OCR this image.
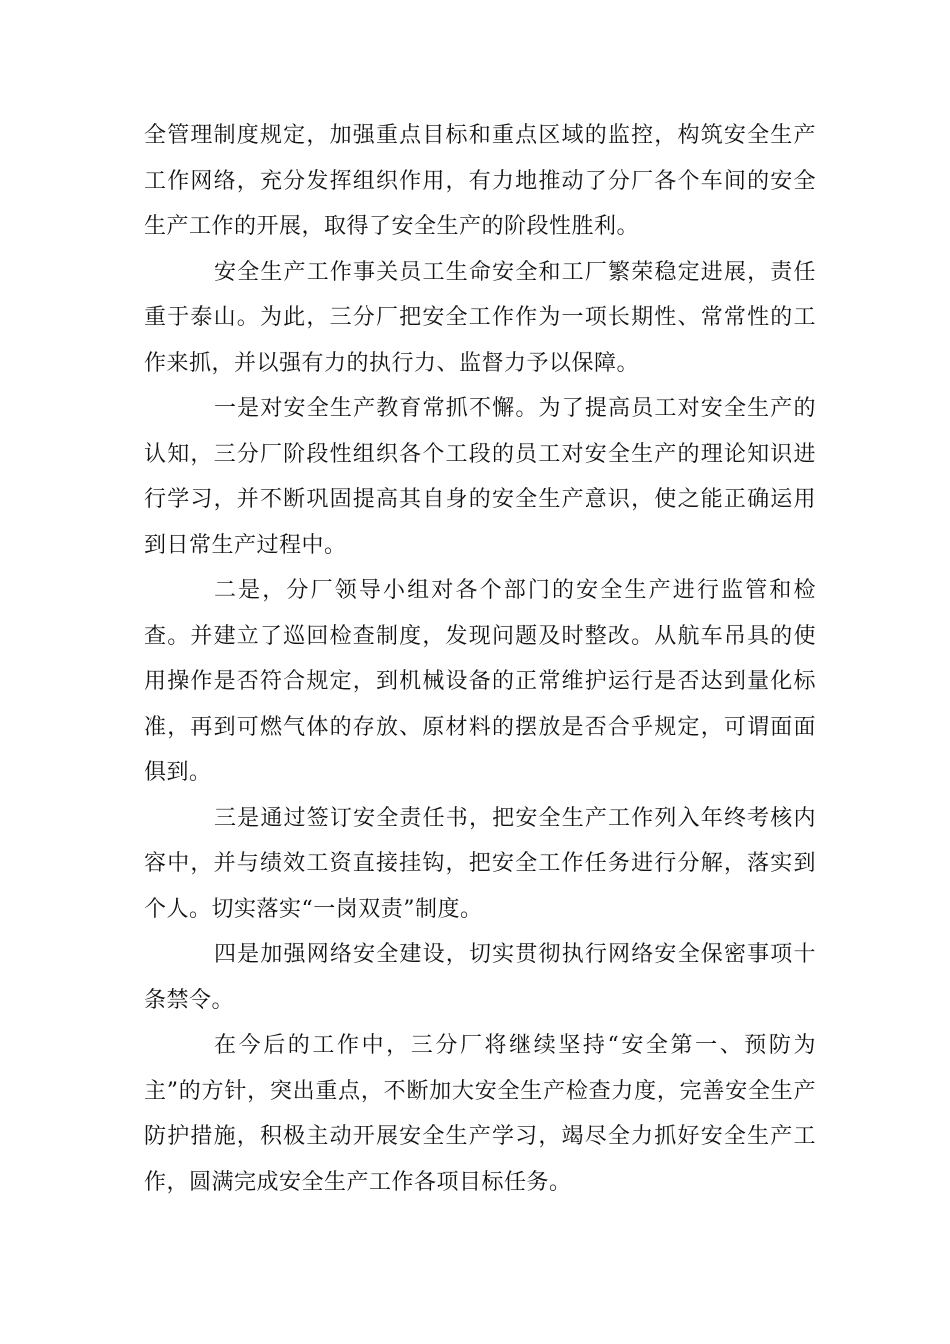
全管理制度规定，加强重点目标和重点区域的监控，构筑安全生产工作网络，充分发挥组织作用，有力地推动了分厂各个车间的安全生产工作的开展，取得了安全生产的阶段性胜利。

安全生产工作事关员工生命安全和工厂繁荣稳定进展，责任重于泰山。为此，三分厂把安全工作作为一项长期性、常常性的工作来抓，并以强有力的执行力、监督力予以保障。

一是对安全生产教育常抓不懈。为了提高员工对安全生产的认知，三分厂阶段性组织各个工段的员工对安全生产的理论知识进行学习，并不断巩固提高其自身的安全生产意识，使之能正确运用到日常生产过程中。

二是，分厂领导小组对各个部门的安全生产进行监管和检查。并建立了巡回检查制度，发现问题及时整改。从航车吊具的使用操作是否符合规定，到机械设备的正常维护运行是否达到量化标准，再到可燃气体的存放、原材料的摆放是否合乎规定，可谓面面俱到。

三是通过签订安全责任书，把安全生产工作列入年终考核内容中，并与绩效工资直接挂钩，把安全工作任务进行分解，落实到个人。切实落实“一岗双责”制度。

四是加强网络安全建设，切实贯彻执行网络安全保密事项十条禁令。

在今后的工作中，三分厂将继续坚持“安全第一、预防为主”的方针，突出重点，不断加大安全生产检查力度，完善安全生产防护措施，积极主动开展安全生产学习，竭尽全力抓好安全生产工作，圆满完成安全生产工作各项目标任务。
